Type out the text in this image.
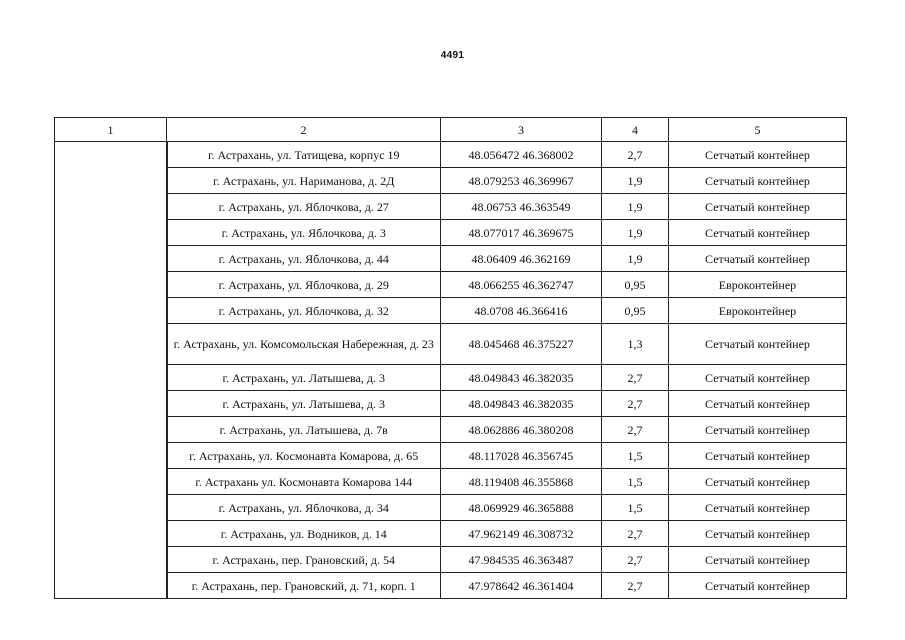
4491
1	2	3	4	5
	г. Астрахань, ул. Татищева, корпус 19	48.056472 46.368002	2,7	Сетчатый контейнер
	г. Астрахань, ул. Нариманова, д. 2Д	48.079253 46.369967	1,9	Сетчатый контейнер
	г. Астрахань, ул. Яблочкова, д. 27	48.06753 46.363549	1,9	Сетчатый контейнер
	г. Астрахань, ул. Яблочкова, д. 3	48.077017 46.369675	1,9	Сетчатый контейнер
	г. Астрахань, ул. Яблочкова, д. 44	48.06409 46.362169	1,9	Сетчатый контейнер
	г. Астрахань, ул. Яблочкова, д. 29	48.066255 46.362747	0,95	Евроконтейнер
	г. Астрахань, ул. Яблочкова, д. 32	48.0708 46.366416	0,95	Евроконтейнер
	г. Астрахань, ул. Комсомольская Набережная, д. 23	48.045468 46.375227	1,3	Сетчатый контейнер
	г. Астрахань, ул. Латышева, д. 3	48.049843 46.382035	2,7	Сетчатый контейнер
	г. Астрахань, ул. Латышева, д. 3	48.049843 46.382035	2,7	Сетчатый контейнер
	г. Астрахань, ул. Латышева, д. 7в	48.062886 46.380208	2,7	Сетчатый контейнер
	г. Астрахань, ул. Космонавта Комарова, д. 65	48.117028 46.356745	1,5	Сетчатый контейнер
	г. Астрахань ул. Космонавта Комарова 144	48.119408 46.355868	1,5	Сетчатый контейнер
	г. Астрахань, ул. Яблочкова, д. 34	48.069929 46.365888	1,5	Сетчатый контейнер
	г. Астрахань, ул. Водников, д. 14	47.962149 46.308732	2,7	Сетчатый контейнер
	г. Астрахань, пер. Грановский, д. 54	47.984535 46.363487	2,7	Сетчатый контейнер
	г. Астрахань, пер. Грановский, д. 71, корп. 1	47.978642 46.361404	2,7	Сетчатый контейнер
